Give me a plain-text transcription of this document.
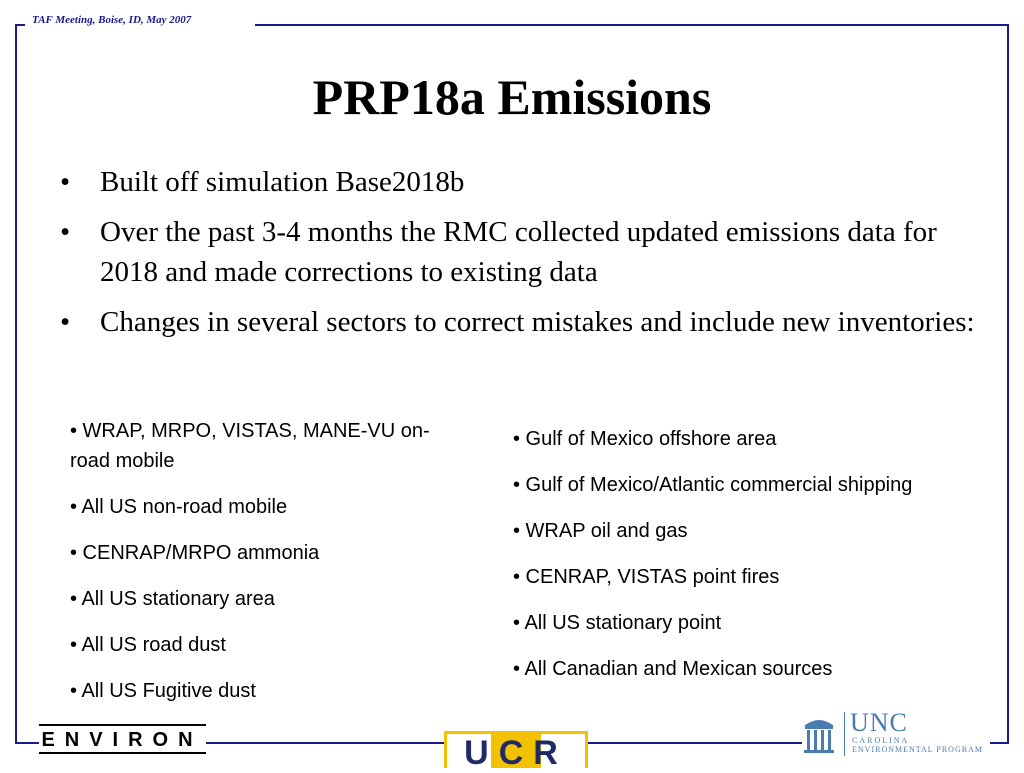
TAF Meeting, Boise, ID, May 2007
PRP18a Emissions
• Built off simulation Base2018b
• Over the past 3-4 months the RMC collected updated emissions data for 2018 and made corrections to existing data
• Changes in several sectors to correct mistakes and include new inventories:
• WRAP, MRPO, VISTAS, MANE-VU on-road mobile
• All US non-road mobile
• CENRAP/MRPO ammonia
• All US stationary area
• All US road dust
• All US Fugitive dust
• Gulf of Mexico offshore area
• Gulf of Mexico/Atlantic commercial shipping
• WRAP oil and gas
• CENRAP, VISTAS point fires
• All US stationary point
• All Canadian and Mexican sources
ENVIRON	UCR
UNC
CAROLINA
ENVIRONMENTAL PROGRAM
